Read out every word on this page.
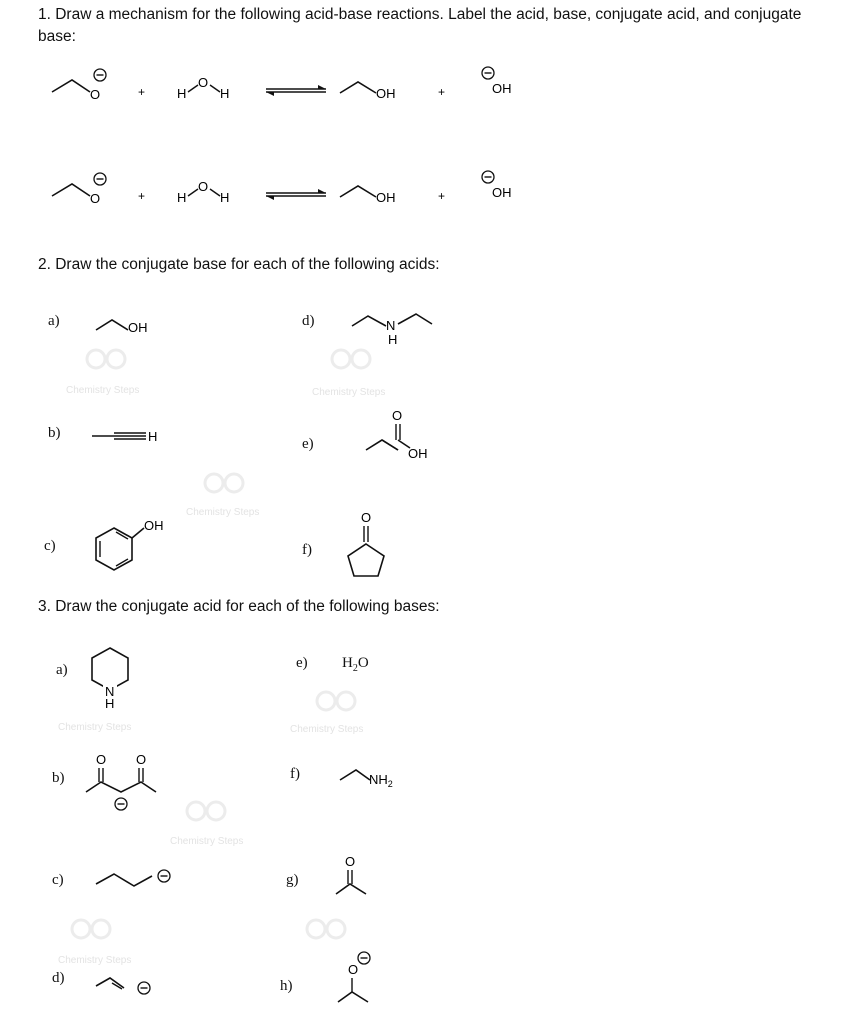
Chemistry Steps	Chemistry Steps
Chemistry Steps
Chemistry Steps
Chemistry Steps
Chemistry Steps
Chemistry Steps
1. Draw a mechanism for the following acid-base reactions. Label the acid, base, conjugate acid, and conjugate base:
2. Draw the conjugate base for each of the following acids:
3. Draw the conjugate acid for each of the following bases:
O	+ H
O
H	OH	+	OH
O	+ H
O
H	OH	+	OH
a)
b)
c)
d)
e)
f)
OH
H
OH
N
H
O
OH
O
a)
b)
c)
d)
e)
f)
g)
h)
N
H
O O
$H_2O$
$NH_2$
O
O
